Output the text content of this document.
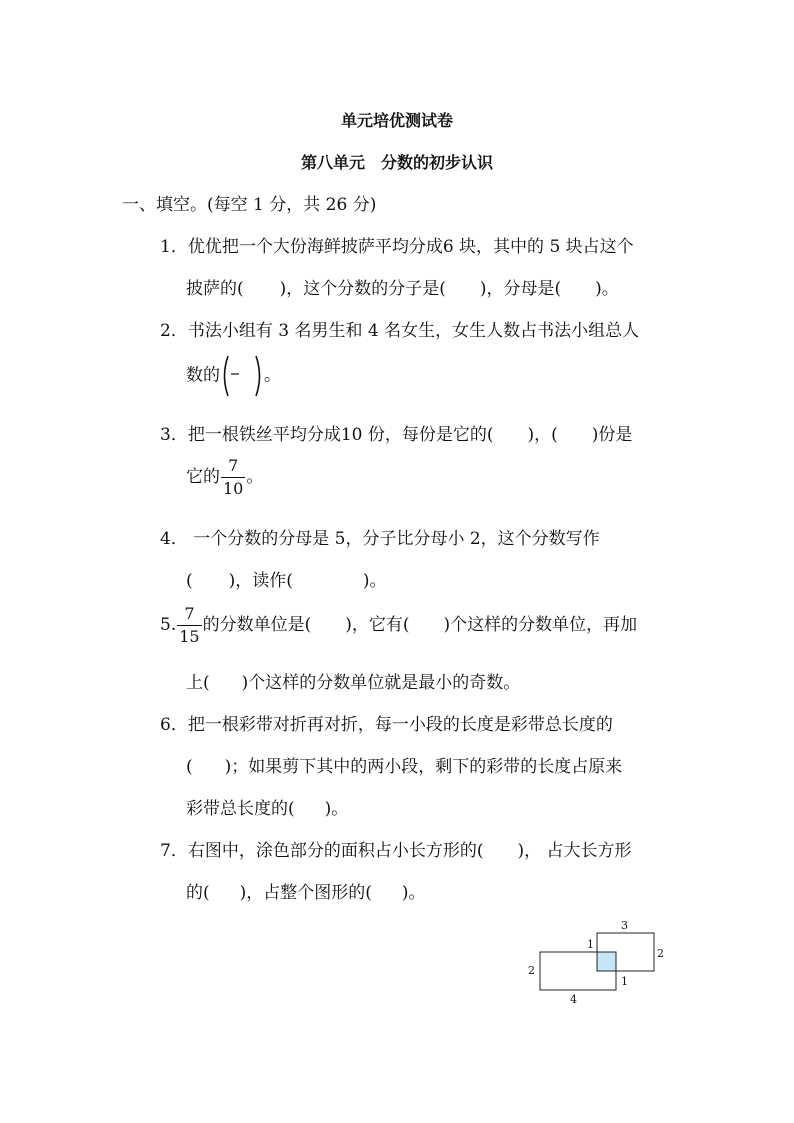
单元培优测试卷
第八单元　分数的初步认识
一、填空。(每空 1 分，共 26 分)
1．优优把一个大份海鲜披萨平均分成6 块，其中的 5 块占这个
披萨的( )，这个分数的分子是( )，分母是( )。
2．书法小组有 3 名男生和 4 名女生，女生人数占书法小组总人
数的	。
3．把一根铁丝平均分成10 份，每份是它的( )，( )份是
它的 $\frac{7}{10}$ 。
4． 一个分数的分母是 5，分子比分母小 2，这个分数写作
( )，读作(	)。
5. $\frac{7}{15}$ 的分数单位是( )，它有( )个这样的分数单位，再加
上( )个这样的分数单位就是最小的奇数。
6．把一根彩带对折再对折，每一小段的长度是彩带总长度的
( )；如果剪下其中的两小段，剩下的彩带的长度占原来
彩带总长度的( )。
7．右图中，涂色部分的面积占小长方形的( )， 占大长方形
的( )，占整个图形的( )。
3
1
2
2
1
4
